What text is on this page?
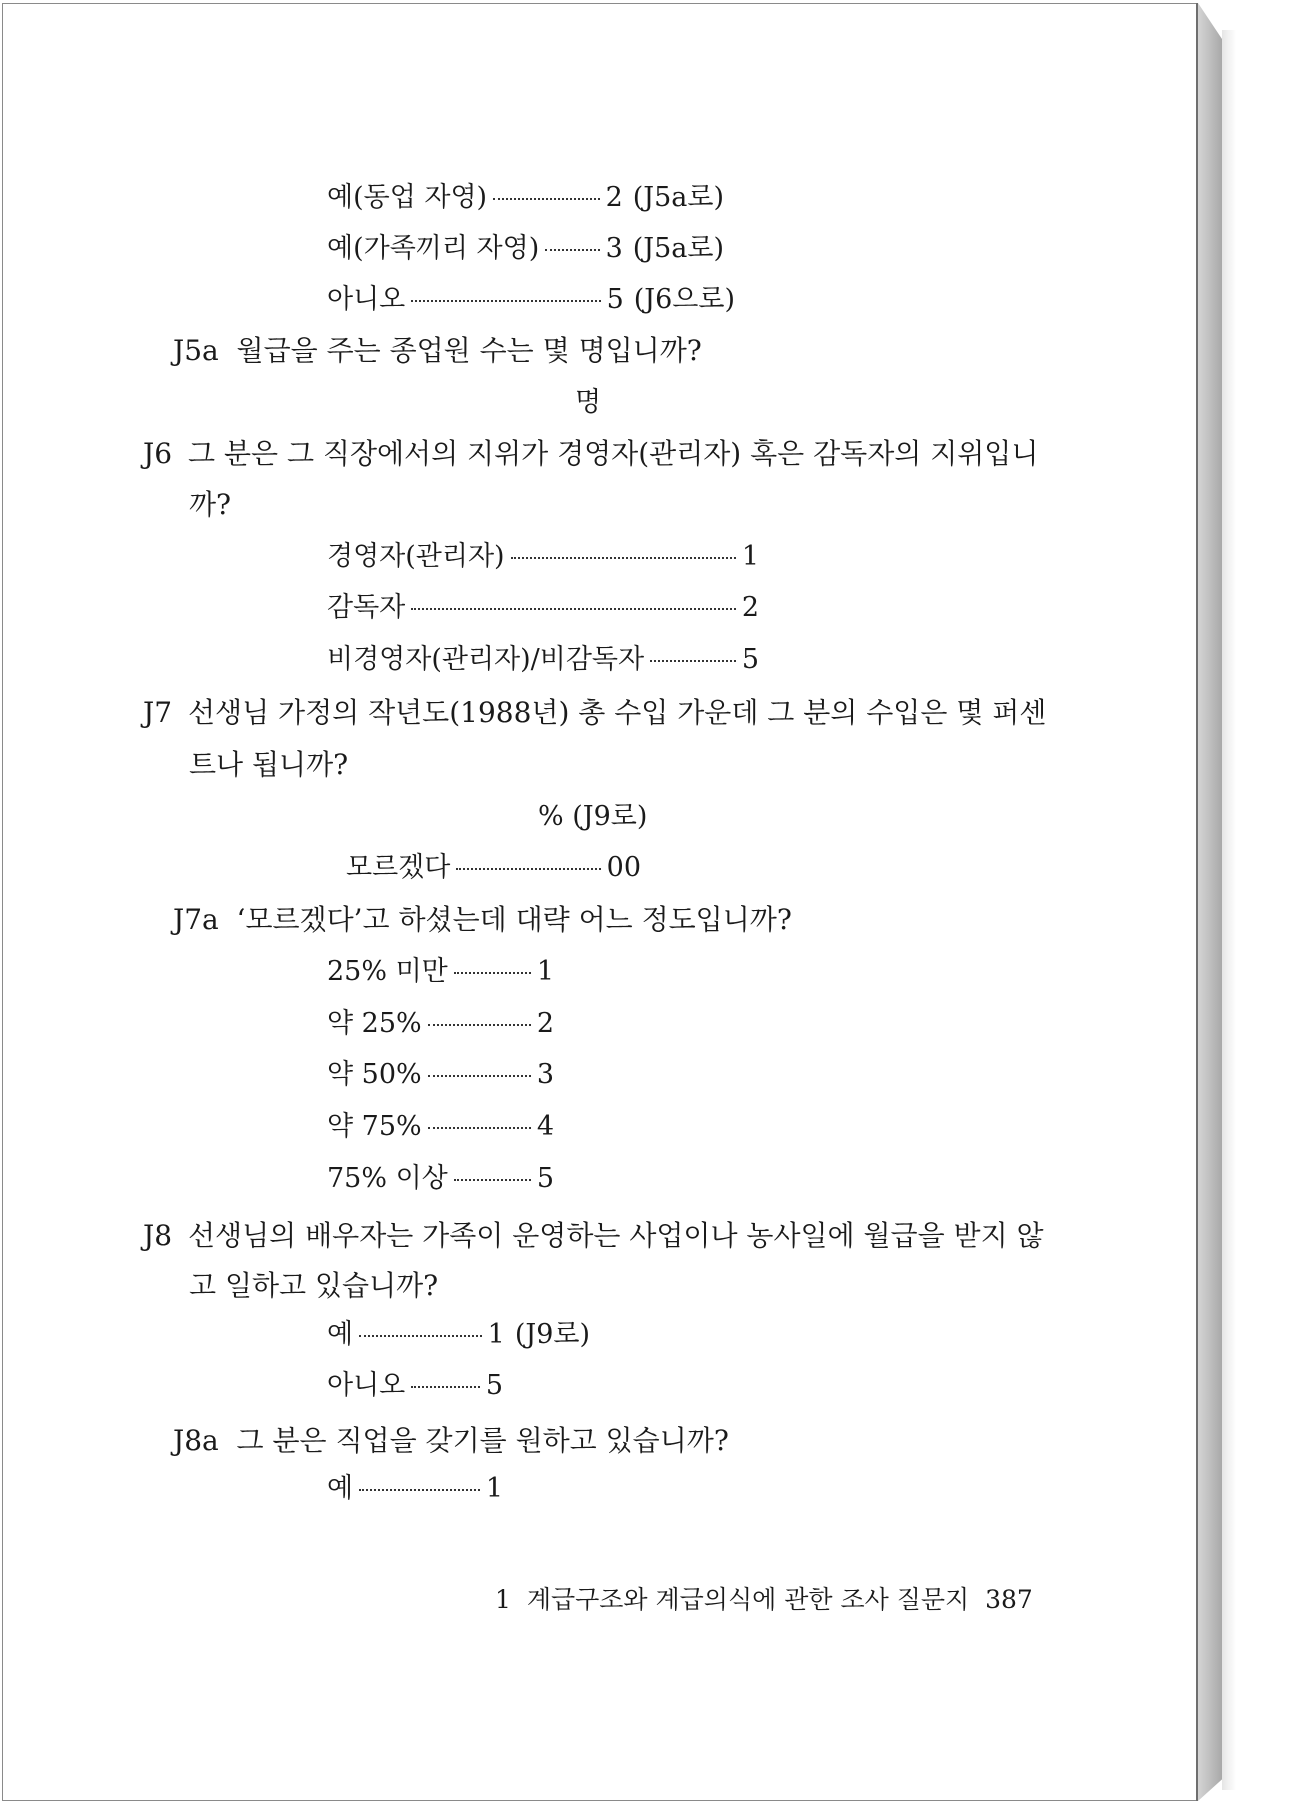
예(동업 자영)	2 (J5a로)
예(가족끼리 자영) 3 (J5a로)
아니오	5 (J6으로)
J5a 월급을 주는 종업원 수는 몇 명입니까?
명
J6 그 분은 그 직장에서의 지위가 경영자(관리자) 혹은 감독자의 지위입니
까?
경영자(관리자)	1
감독자	2
비경영자(관리자)/비감독자	5
J7 선생님 가정의 작년도(1988년) 총 수입 가운데 그 분의 수입은 몇 퍼센
트나 됩니까?
% (J9로)
모르겠다	00
J7a ‘모르겠다’고 하셨는데 대략 어느 정도입니까?
25% 미만	1
약 25%	2
약 50%	3
약 75%	4
75% 이상	5
J8 선생님의 배우자는 가족이 운영하는 사업이나 농사일에 월급을 받지 않
고 일하고 있습니까?
예	1 (J9로)
아니오	5
J8a 그 분은 직업을 갖기를 원하고 있습니까?
예	1
1 계급구조와 계급의식에 관한 조사 질문지 387
